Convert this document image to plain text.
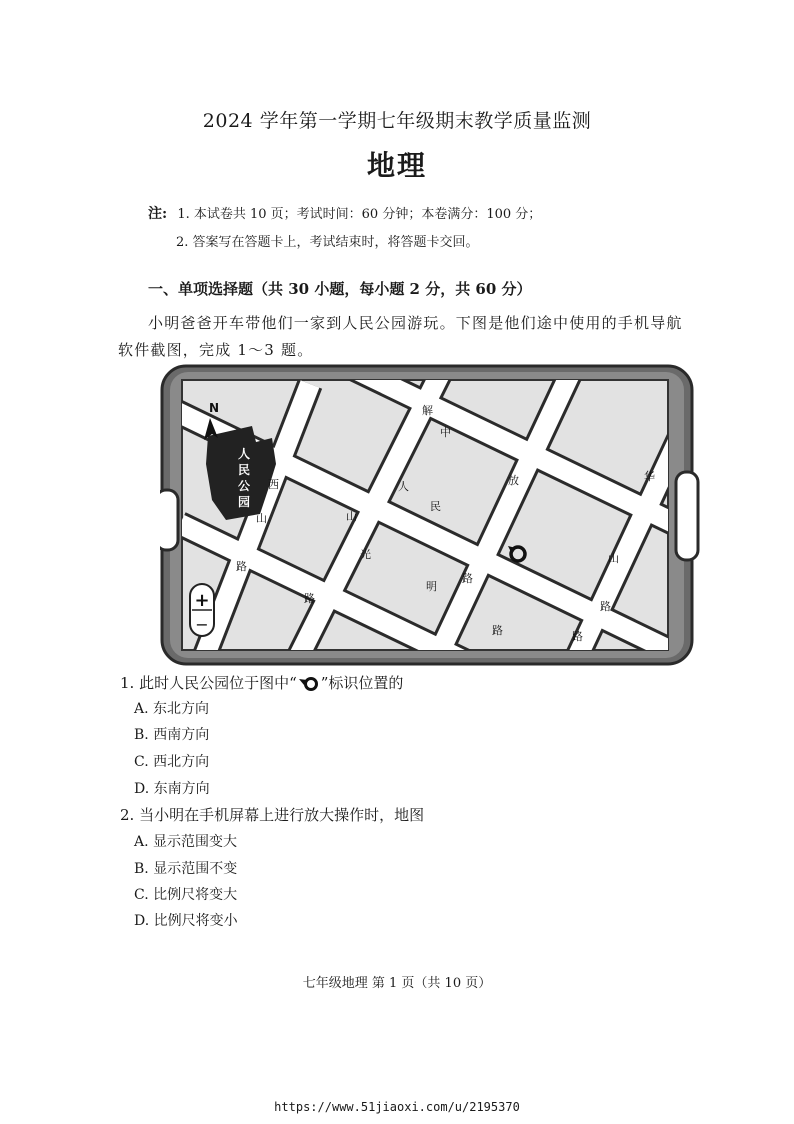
2024 学年第一学期七年级期末教学质量监测
地理
注: 1. 本试卷共 10 页；考试时间：60 分钟；本卷满分：100 分；
2. 答案写在答题卡上，考试结束时，将答题卡交回。
一、单项选择题（共 30 小题，每小题 2 分，共 60 分）
小明爸爸开车带他们一家到人民公园游玩。下图是他们途中使用的手机导航
软件截图，完成 1～3 题。
N
人
民
公
园
西
山
路
中
山
路
人
民
路
光
明
路
解
放
路
华
山
路
+
−
1. 此时人民公园位于图中“ ”标识位置的
A. 东北方向
B. 西南方向
C. 西北方向
D. 东南方向
2. 当小明在手机屏幕上进行放大操作时，地图
A. 显示范围变大
B. 显示范围不变
C. 比例尺将变大
D. 比例尺将变小
七年级地理 第 1 页（共 10 页）
https://www.51jiaoxi.com/u/2195370
